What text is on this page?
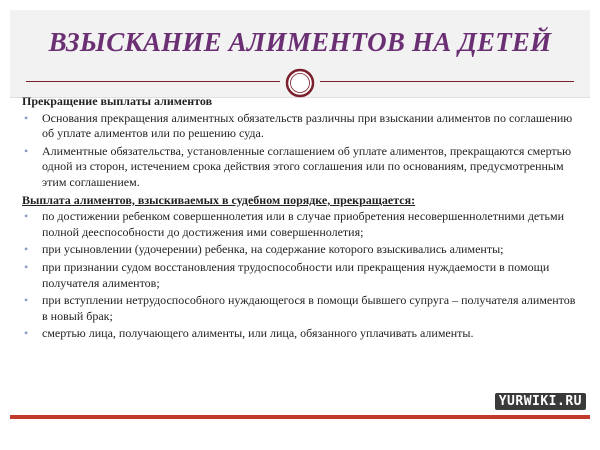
ВЗЫСКАНИЕ АЛИМЕНТОВ НА ДЕТЕЙ
Прекращение выплаты алиментов
• Основания прекращения алиментных обязательств различны при взыскании алиментов по соглашению об уплате алиментов или по решению суда.
• Алиментные обязательства, установленные соглашением об уплате алиментов, прекращаются смертью одной из сторон, истечением срока действия этого соглашения или по основаниям, предусмотренным этим соглашением.
Выплата алиментов, взыскиваемых в судебном порядке, прекращается:
• по достижении ребенком совершеннолетия или в случае приобретения несовершеннолетними детьми полной дееспособности до достижения ими совершеннолетия;
• при усыновлении (удочерении) ребенка, на содержание которого взыскивались алименты;
• при признании судом восстановления трудоспособности или прекращения нуждаемости в помощи получателя алиментов;
• при вступлении нетрудоспособного нуждающегося в помощи бывшего супруга – получателя алиментов в новый брак;
• смертью лица, получающего алименты, или лица, обязанного уплачивать алименты.
YURWIKI.RU
